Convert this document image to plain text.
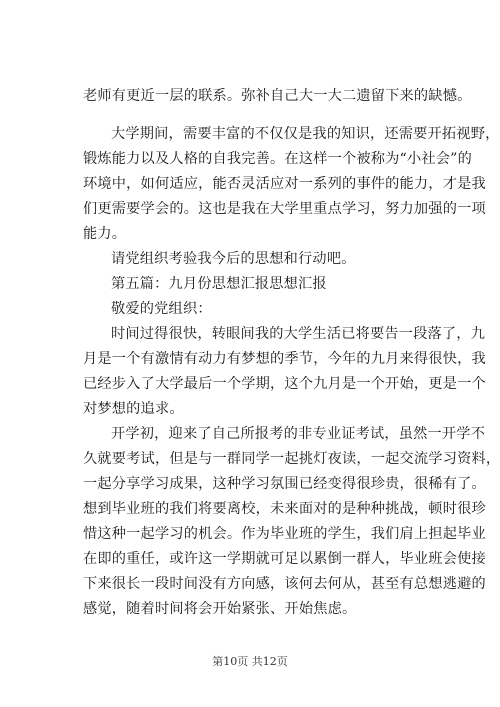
老师有更近一层的联系。弥补自己大一大二遗留下来的缺憾。
大学期间，需要丰富的不仅仅是我的知识，还需要开拓视野，
锻炼能力以及人格的自我完善。在这样一个被称为“小社会”的
环境中，如何适应，能否灵活应对一系列的事件的能力，才是我
们更需要学会的。这也是我在大学里重点学习，努力加强的一项
能力。
请党组织考验我今后的思想和行动吧。
第五篇：九月份思想汇报思想汇报
敬爱的党组织：
时间过得很快，转眼间我的大学生活已将要告一段落了，九
月是一个有激情有动力有梦想的季节，今年的九月来得很快，我
已经步入了大学最后一个学期，这个九月是一个开始，更是一个
对梦想的追求。
开学初，迎来了自己所报考的非专业证考试，虽然一开学不
久就要考试，但是与一群同学一起挑灯夜读，一起交流学习资料，
一起分享学习成果，这种学习氛围已经变得很珍贵，很稀有了。
想到毕业班的我们将要离校，未来面对的是种种挑战，顿时很珍
惜这种一起学习的机会。作为毕业班的学生，我们肩上担起毕业
在即的重任，或许这一学期就可足以累倒一群人，毕业班会使接
下来很长一段时间没有方向感，该何去何从，甚至有总想逃避的
感觉，随着时间将会开始紧张、开始焦虑。
第10页 共12页
